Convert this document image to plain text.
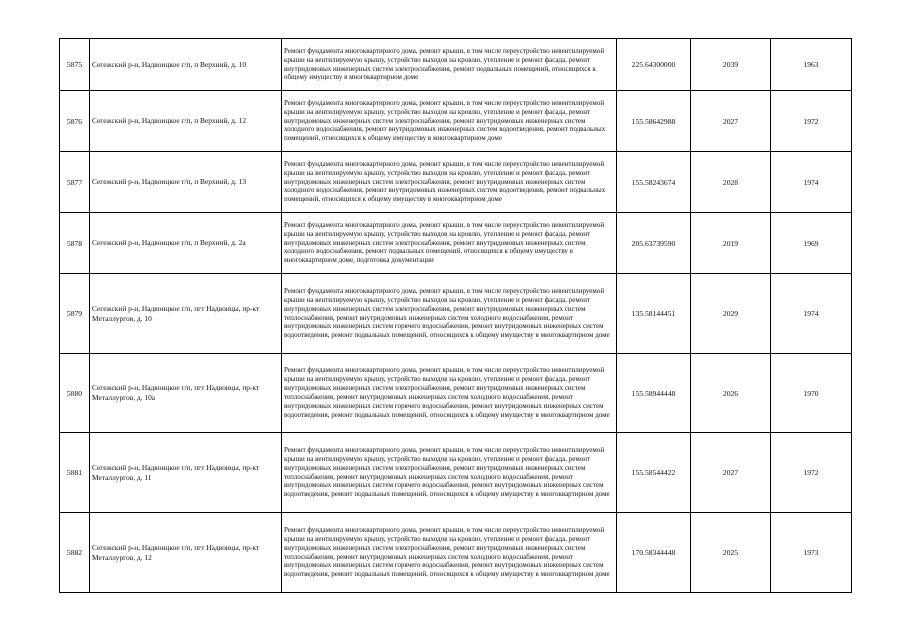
5875	Сегежский р-н, Надвоицкое г/п, п Верхний, д. 10	Ремонт фундамента многоквартирного дома, ремонт крыши, в том числе переустройство невентилируемой крыши на вентилируемую крышу, устройство выходов на кровлю, утепление и ремонт фасада, ремонт внутридомовых инженерных систем электроснабжения, ремонт подвальных помещений, относящихся к общему имуществу в многоквартирном доме	225.64300000	2039	1963
5876	Сегежский р-н, Надвоицкое г/п, п Верхний, д. 12	Ремонт фундамента многоквартирного дома, ремонт крыши, в том числе переустройство невентилируемой крыши на вентилируемую крышу, устройство выходов на кровлю, утепление и ремонт фасада, ремонт внутридомовых инженерных систем электроснабжения, ремонт внутридомовых инженерных систем холодного водоснабжения, ремонт внутридомовых инженерных систем водоотведения, ремонт подвальных помещений, относящихся к общему имуществу в многоквартирном доме	155.58642988	2027	1972
5877	Сегежский р-н, Надвоицкое г/п, п Верхний, д. 13	Ремонт фундамента многоквартирного дома, ремонт крыши, в том числе переустройство невентилируемой крыши на вентилируемую крышу, устройство выходов на кровлю, утепление и ремонт фасада, ремонт внутридомовых инженерных систем электроснабжения, ремонт внутридомовых инженерных систем холодного водоснабжения, ремонт внутридомовых инженерных систем водоотведения, ремонт подвальных помещений, относящихся к общему имуществу в многоквартирном доме	155.58243674	2028	1974
5878	Сегежский р-н, Надвоицкое г/п, п Верхний, д. 2а	Ремонт фундамента многоквартирного дома, ремонт крыши, в том числе переустройство невентилируемой крыши на вентилируемую крышу, устройство выходов на кровлю, утепление и ремонт фасада, ремонт внутридомовых инженерных систем электроснабжения, ремонт внутридомовых инженерных систем холодного водоснабжения, ремонт подвальных помещений, относящихся к общему имуществу в многоквартирном доме, подготовка документации	205.63739590	2019	1969
5879	Сегежский р-н, Надвоицкое г/п, пгт Надвоицы, пр-кт Металлургов, д. 10	Ремонт фундамента многоквартирного дома, ремонт крыши, в том числе переустройство невентилируемой крыши на вентилируемую крышу, устройство выходов на кровлю, утепление и ремонт фасада, ремонт внутридомовых инженерных систем электроснабжения, ремонт внутридомовых инженерных систем теплоснабжения, ремонт внутридомовых инженерных систем холодного водоснабжения, ремонт внутридомовых инженерных систем горячего водоснабжения, ремонт внутридомовых инженерных систем водоотведения, ремонт подвальных помещений, относящихся к общему имуществу в многоквартирном доме	135.58144451	2029	1974
5880	Сегежский р-н, Надвоицкое г/п, пгт Надвоицы, пр-кт Металлургов, д. 10а	Ремонт фундамента многоквартирного дома, ремонт крыши, в том числе переустройство невентилируемой крыши на вентилируемую крышу, устройство выходов на кровлю, утепление и ремонт фасада, ремонт внутридомовых инженерных систем электроснабжения, ремонт внутридомовых инженерных систем теплоснабжения, ремонт внутридомовых инженерных систем холодного водоснабжения, ремонт внутридомовых инженерных систем горячего водоснабжения, ремонт внутридомовых инженерных систем водоотведения, ремонт подвальных помещений, относящихся к общему имуществу в многоквартирном доме	155.58944448	2026	1970
5881	Сегежский р-н, Надвоицкое г/п, пгт Надвоицы, пр-кт Металлургов, д. 11	Ремонт фундамента многоквартирного дома, ремонт крыши, в том числе переустройство невентилируемой крыши на вентилируемую крышу, устройство выходов на кровлю, утепление и ремонт фасада, ремонт внутридомовых инженерных систем электроснабжения, ремонт внутридомовых инженерных систем теплоснабжения, ремонт внутридомовых инженерных систем холодного водоснабжения, ремонт внутридомовых инженерных систем горячего водоснабжения, ремонт внутридомовых инженерных систем водоотведения, ремонт подвальных помещений, относящихся к общему имуществу в многоквартирном доме	155.58544422	2027	1972
5882	Сегежский р-н, Надвоицкое г/п, пгт Надвоицы, пр-кт Металлургов, д. 12	Ремонт фундамента многоквартирного дома, ремонт крыши, в том числе переустройство невентилируемой крыши на вентилируемую крышу, устройство выходов на кровлю, утепление и ремонт фасада, ремонт внутридомовых инженерных систем электроснабжения, ремонт внутридомовых инженерных систем теплоснабжения, ремонт внутридомовых инженерных систем холодного водоснабжения, ремонт внутридомовых инженерных систем горячего водоснабжения, ремонт внутридомовых инженерных систем водоотведения, ремонт подвальных помещений, относящихся к общему имуществу в многоквартирном доме	170.58344448	2025	1973
